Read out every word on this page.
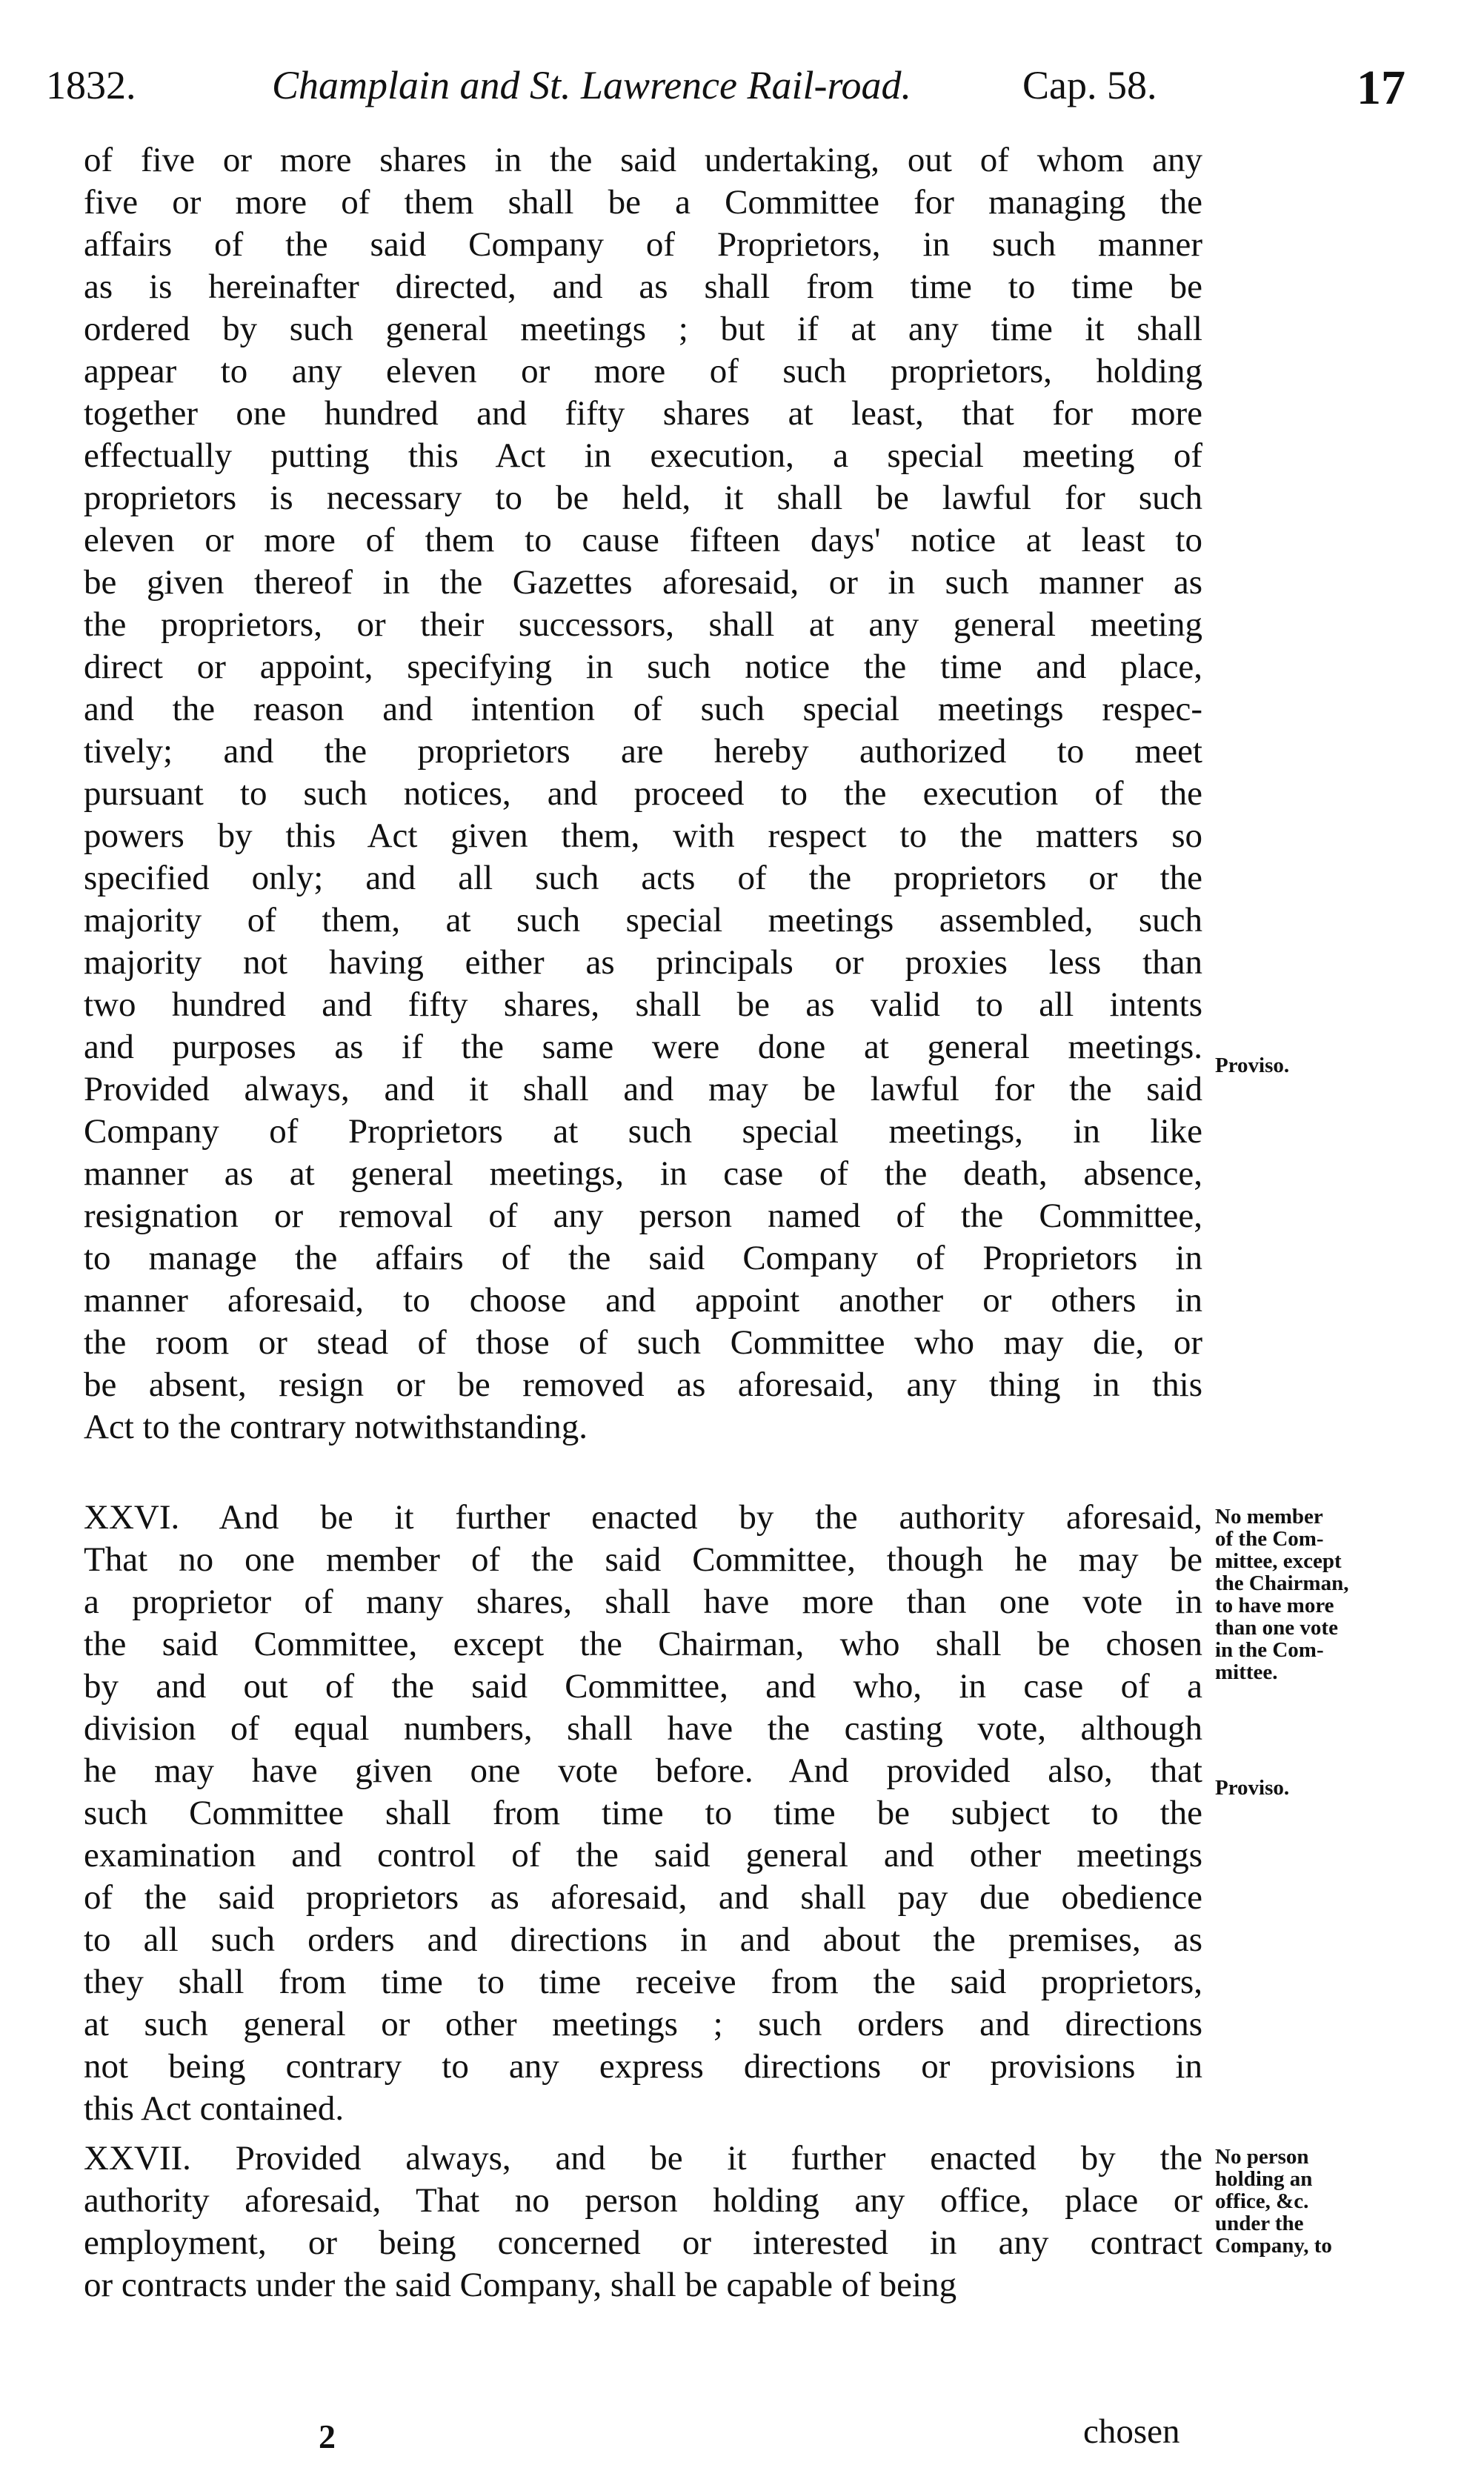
1832.	Champlain and St. Lawrence Rail-road.	Cap. 58.	17
of five or more shares in the said undertaking, out of whom any
five or more of them shall be a Committee for managing the
affairs of the said Company of Proprietors, in such manner
as is hereinafter directed, and as shall from time to time be
ordered by such general meetings ; but if at any time it shall
appear to any eleven or more of such proprietors, holding
together one hundred and fifty shares at least, that for more
effectually putting this Act in execution, a special meeting of
proprietors is necessary to be held, it shall be lawful for such
eleven or more of them to cause fifteen days' notice at least to
be given thereof in the Gazettes aforesaid, or in such manner as
the proprietors, or their successors, shall at any general meeting
direct or appoint, specifying in such notice the time and place,
and the reason and intention of such special meetings respec-
tively; and the proprietors are hereby authorized to meet
pursuant to such notices, and proceed to the execution of the
powers by this Act given them, with respect to the matters so
specified only; and all such acts of the proprietors or the
majority of them, at such special meetings assembled, such
majority not having either as principals or proxies less than
two hundred and fifty shares, shall be as valid to all intents
and purposes as if the same were done at general meetings.
Provided always, and it shall and may be lawful for the said
Company of Proprietors at such special meetings, in like
manner as at general meetings, in case of the death, absence,
resignation or removal of any person named of the Committee,
to manage the affairs of the said Company of Proprietors in
manner aforesaid, to choose and appoint another or others in
the room or stead of those of such Committee who may die, or
be absent, resign or be removed as aforesaid, any thing in this
Act to the contrary notwithstanding.
XXVI. And be it further enacted by the authority aforesaid,
That no one member of the said Committee, though he may be
a proprietor of many shares, shall have more than one vote in
the said Committee, except the Chairman, who shall be chosen
by and out of the said Committee, and who, in case of a
division of equal numbers, shall have the casting vote, although
he may have given one vote before. And provided also, that
such Committee shall from time to time be subject to the
examination and control of the said general and other meetings
of the said proprietors as aforesaid, and shall pay due obedience
to all such orders and directions in and about the premises, as
they shall from time to time receive from the said proprietors,
at such general or other meetings ; such orders and directions
not being contrary to any express directions or provisions in
this Act contained.
XXVII. Provided always, and be it further enacted by the
authority aforesaid, That no person holding any office, place or
employment, or being concerned or interested in any contract
or contracts under the said Company, shall be capable of being
Proviso.
No member
of the Com-
mittee, except
the Chairman,
to have more
than one vote
in the Com-
mittee.
Proviso.
No person
holding an
office, &c.
under the
Company, to
2	chosen
